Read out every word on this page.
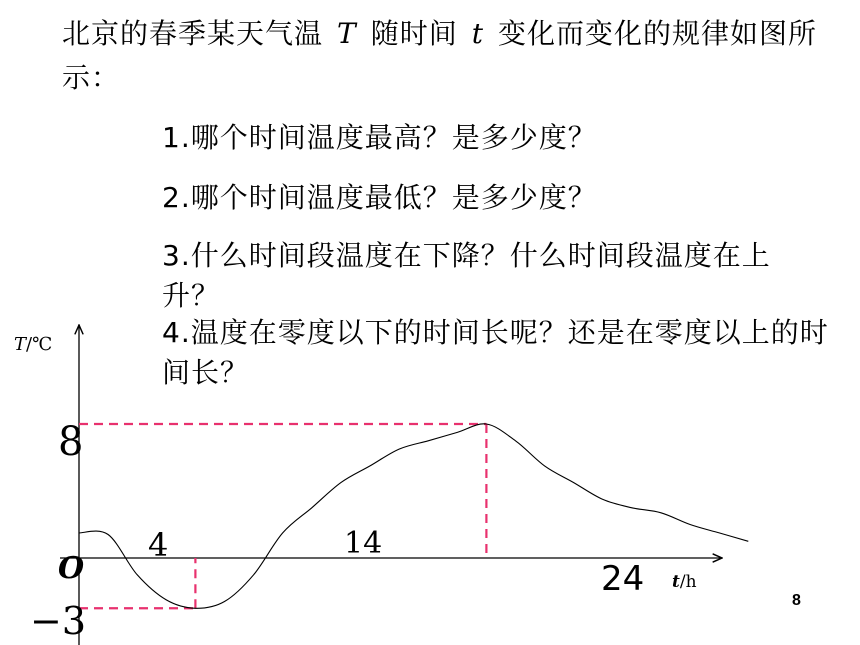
北京的春季某天气温 T 随时间 t 变化而变化的规律如图所示：
1.哪个时间温度最高？是多少度？
2.哪个时间温度最低？是多少度？
3.什么时间段温度在下降？什么时间段温度在上升？
4.温度在零度以下的时间长呢？还是在零度以上的时间长？
T/℃
t/h
O
4	14
24
8
−3	8
